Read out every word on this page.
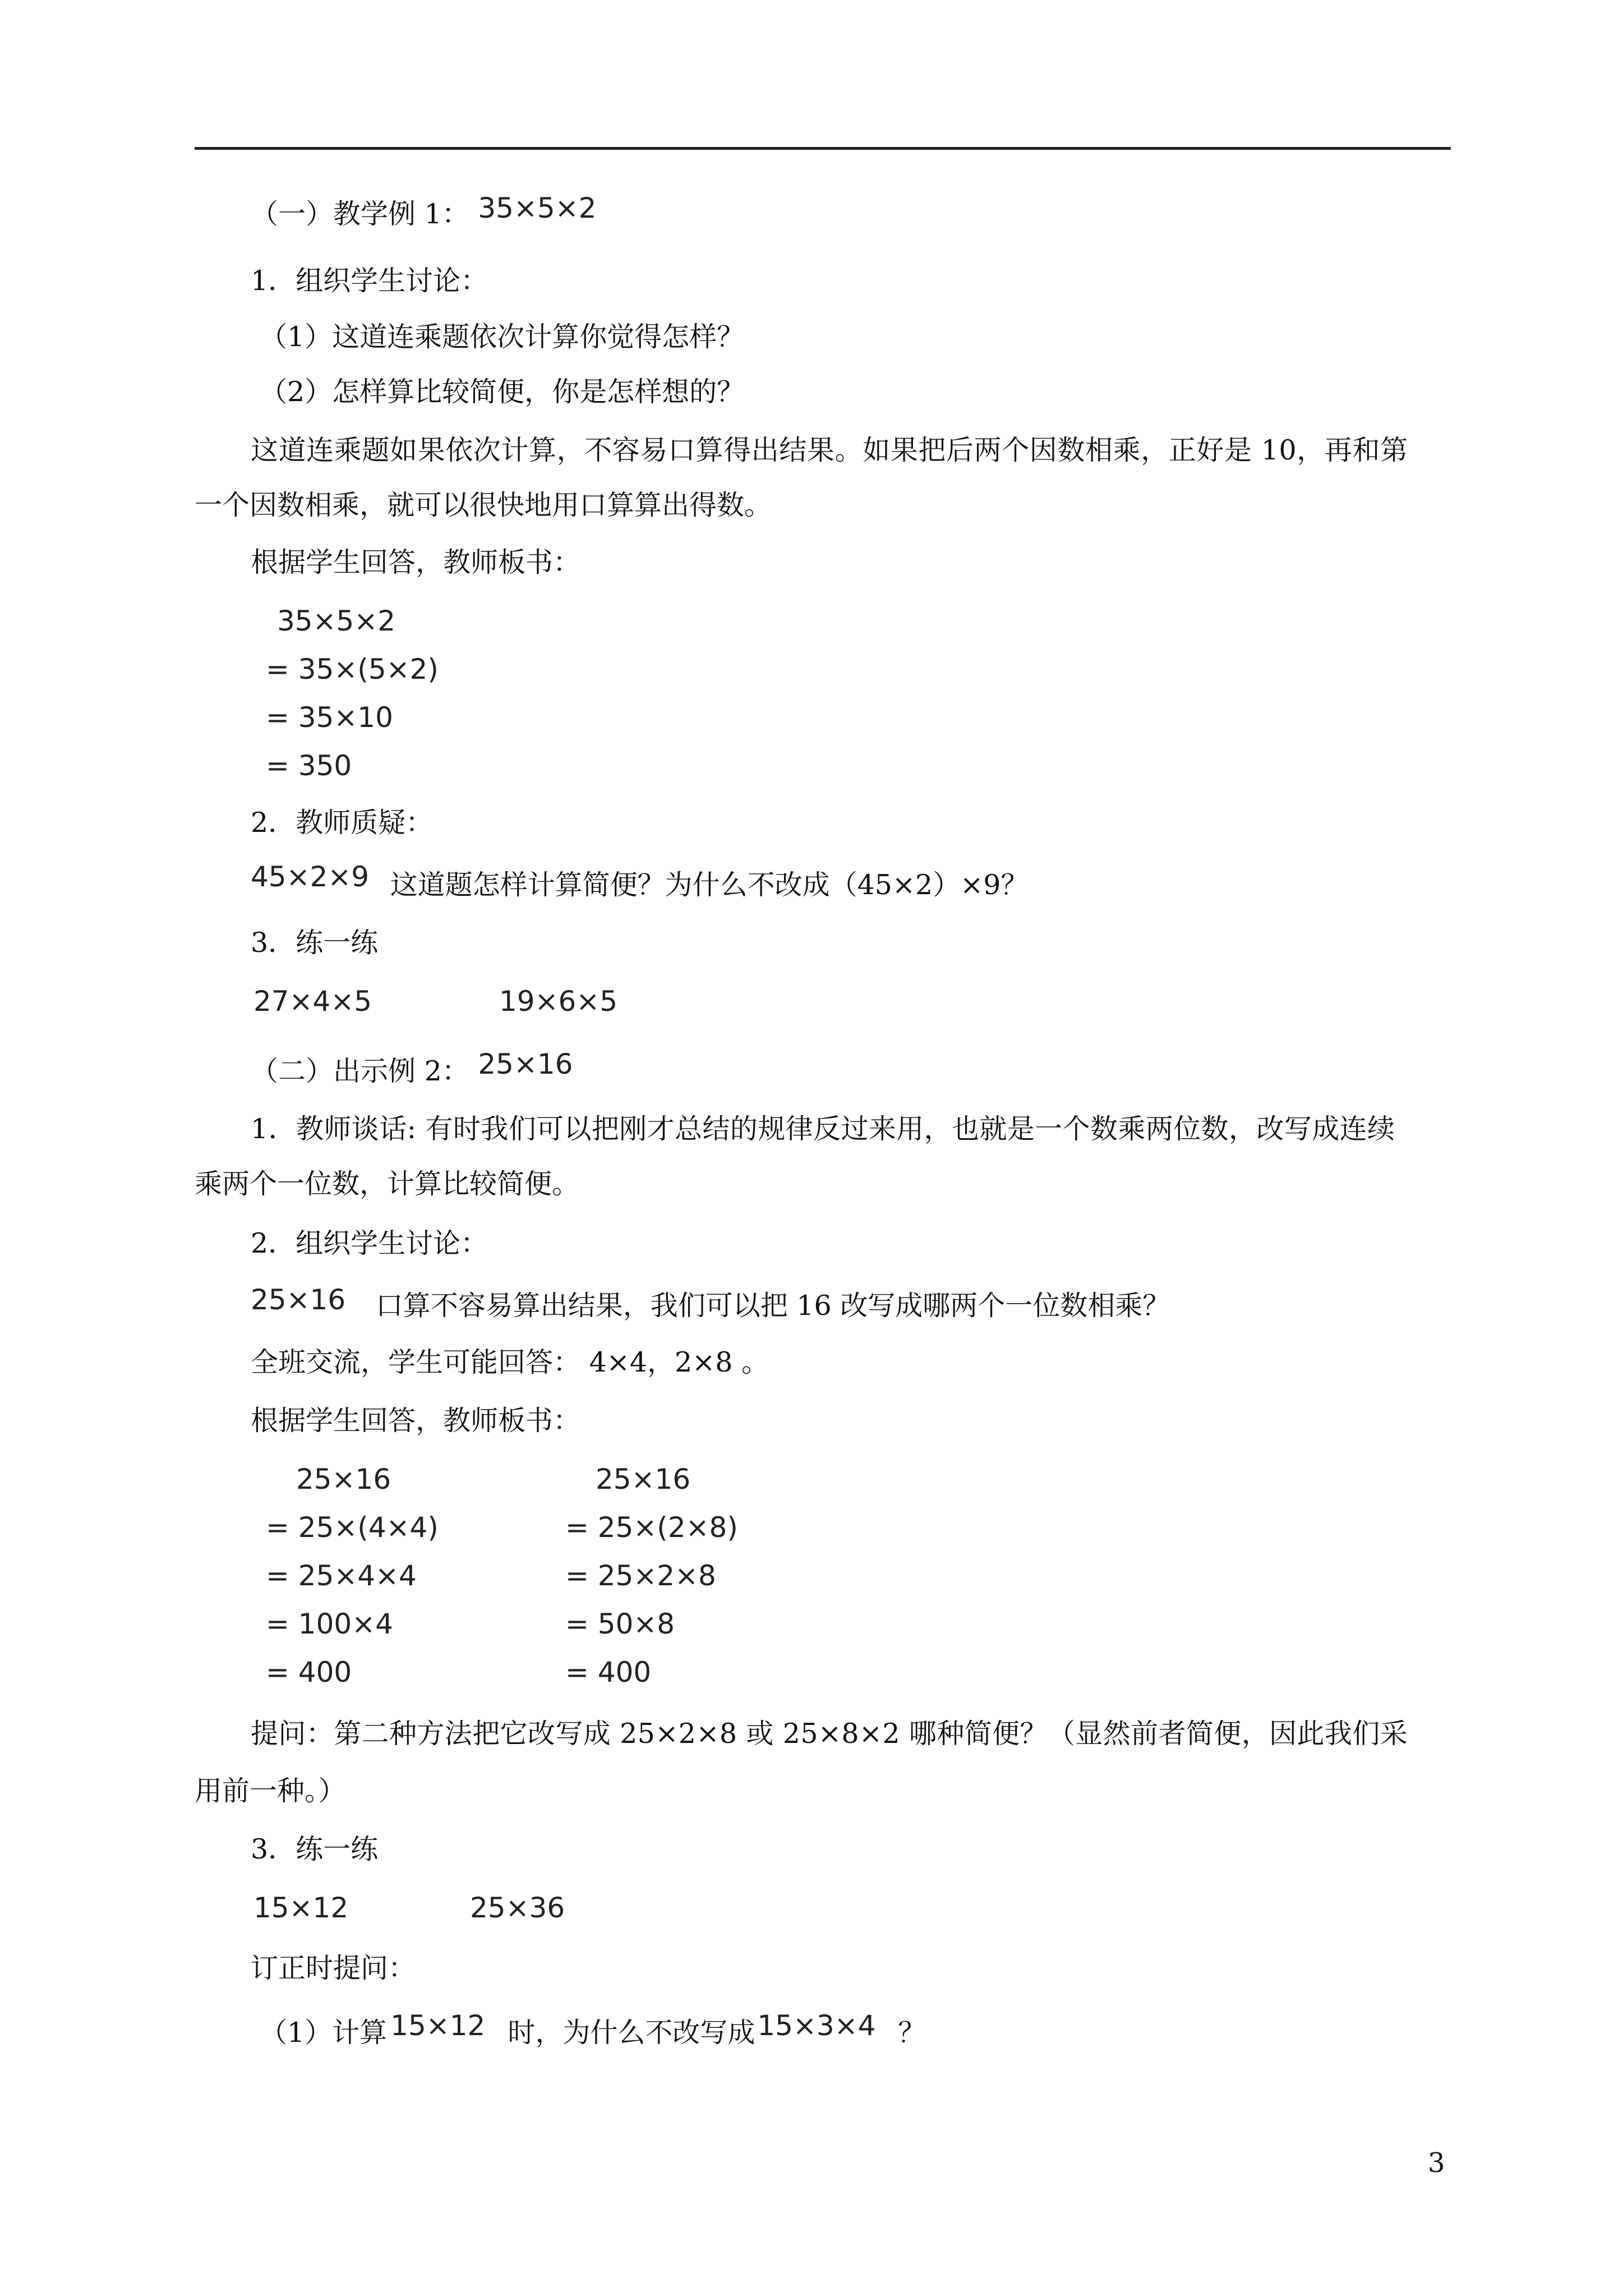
（一）教学例 1： 35×5×2
1．组织学生讨论：
（1）这道连乘题依次计算你觉得怎样？
（2）怎样算比较简便，你是怎样想的？
这道连乘题如果依次计算，不容易口算得出结果。如果把后两个因数相乘，正好是 10，再和第
一个因数相乘，就可以很快地用口算算出得数。
根据学生回答，教师板书：
35×5×2
= 35×(5×2)
= 35×10
= 350
2．教师质疑：
45×2×9 这道题怎样计算简便？为什么不改成（45×2）×9？
3．练一练
27×4×5	19×6×5
（二）出示例 2： 25×16
1．教师谈话: 有时我们可以把刚才总结的规律反过来用，也就是一个数乘两位数，改写成连续
乘两个一位数，计算比较简便。
2．组织学生讨论：
25×16 口算不容易算出结果，我们可以把 16 改写成哪两个一位数相乘？
全班交流，学生可能回答： 4×4，2×8 。
根据学生回答，教师板书：
25×16
= 25×(4×4)
= 25×4×4
= 100×4
= 400
25×16
= 25×(2×8)
= 25×2×8
= 50×8
= 400
提问：第二种方法把它改写成 25×2×8 或 25×8×2 哪种简便？（显然前者简便，因此我们采
用前一种。）
3．练一练
15×12	25×36
订正时提问：
（1）计算 15×12 时，为什么不改写成15×3×4 ？
3
